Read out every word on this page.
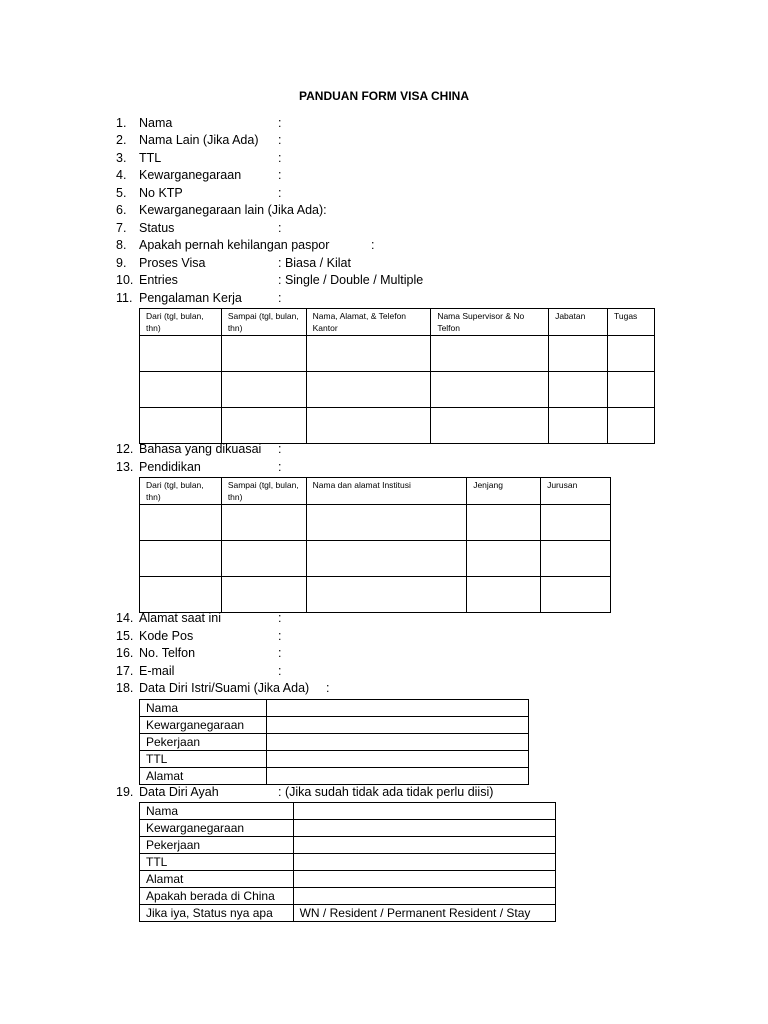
PANDUAN FORM VISA CHINA
1. Nama	:
2. Nama Lain (Jika Ada) :
3. TTL	:
4. Kewarganegaraan	:
5. No KTP	:
6. Kewarganegaraan lain (Jika Ada):
7. Status	:
8. Apakah pernah kehilangan paspor	:
9. Proses Visa	: Biasa / Kilat
10. Entries	: Single / Double / Multiple
11. Pengalaman Kerja	:
Dari (tgl, bulan, thn)	Sampai (tgl, bulan, thn)	Nama, Alamat, & Telefon Kantor	Nama Supervisor & No Telfon	Jabatan	Tugas

12. Bahasa yang dikuasai :
13. Pendidikan	:
Dari (tgl, bulan, thn)	Sampai (tgl, bulan, thn)	Nama dan alamat Institusi	Jenjang	Jurusan

14. Alamat saat ini	:
15. Kode Pos	:
16. No. Telfon	:
17. E-mail	:
18. Data Diri Istri/Suami (Jika Ada) :
Nama	
Kewarganegaraan	
Pekerjaan	
TTL	
Alamat	
19. Data Diri Ayah	: (Jika sudah tidak ada tidak perlu diisi)
Nama	
Kewarganegaraan	
Pekerjaan	
TTL	
Alamat	
Apakah berada di China	
Jika iya, Status nya apa	WN / Resident / Permanent Resident / Stay
